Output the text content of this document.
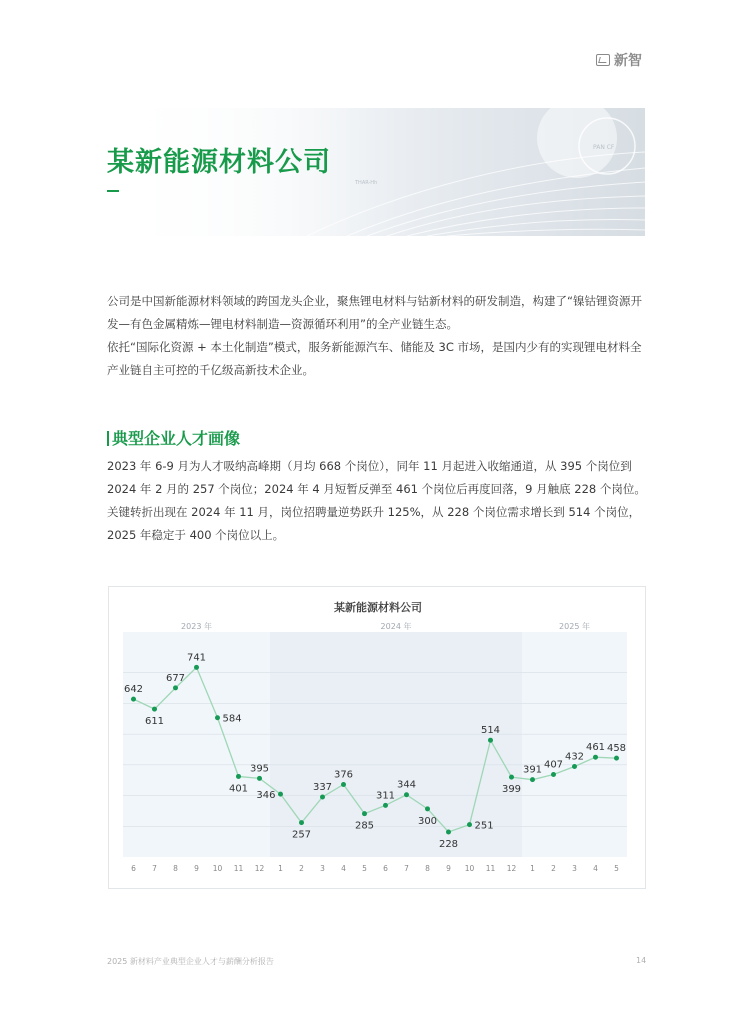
新智
某新能源材料公司	PAN CF
THAR-Hh

公司是中国新能源材料领域的跨国龙头企业，聚焦锂电材料与钴新材料的研发制造，构建了“镍钴锂资源开发—有色金属精炼—锂电材料制造—资源循环利用”的全产业链生态。

依托“国际化资源 + 本土化制造”模式，服务新能源汽车、储能及 3C 市场，是国内少有的实现锂电材料全产业链自主可控的千亿级高新技术企业。

典型企业人才画像

2023 年 6-9 月为人才吸纳高峰期（月均 668 个岗位），同年 11 月起进入收缩通道，从 395 个岗位到 2024 年 2 月的 257 个岗位；2024 年 4 月短暂反弹至 461 个岗位后再度回落，9 月触底 228 个岗位。关键转折出现在 2024 年 11 月，岗位招聘量逆势跃升 125%，从 228 个岗位需求增长到 514 个岗位，2025 年稳定于 400 个岗位以上。

某新能源材料公司
2023 年	2024 年	2025 年
642
611
677
741
584
401
395
346
257
337
376
285
311
344
300
228
251
514
399
391 407
432
461 458
6 7 8 9 10 11 12 1 2 3 4 5 6 7 8 9 10 11 12 1 2 3 4 5
2025 新材料产业典型企业人才与薪酬分析报告	14
